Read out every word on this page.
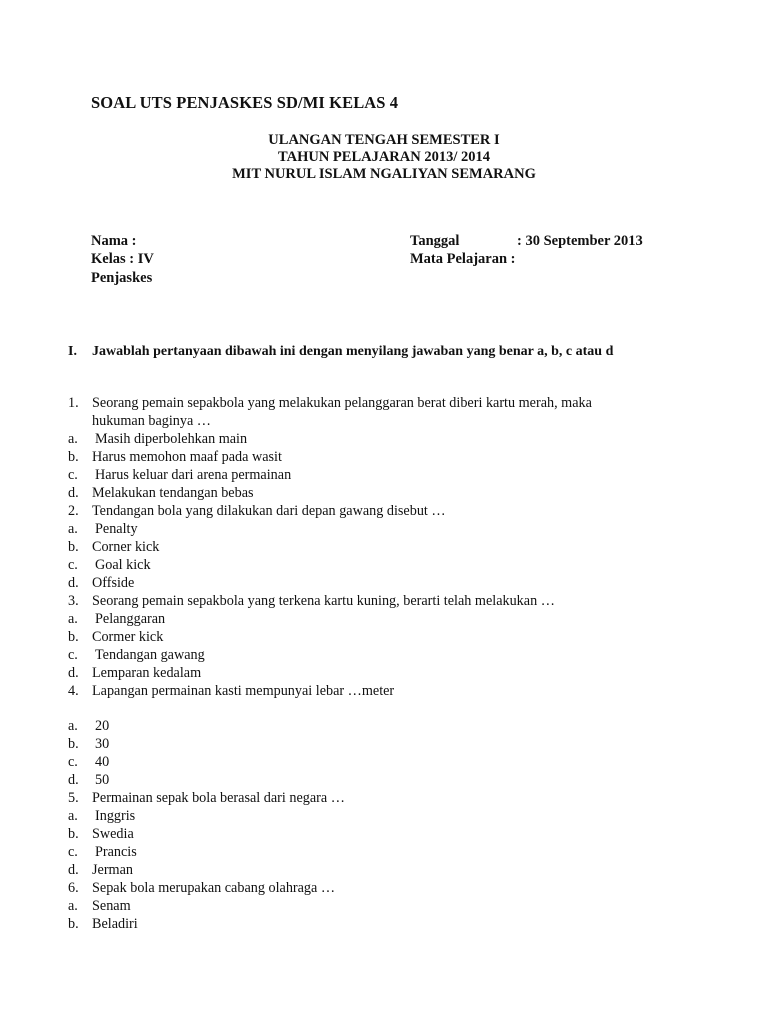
SOAL UTS PENJASKES SD/MI KELAS 4
ULANGAN TENGAH SEMESTER I
TAHUN PELAJARAN 2013/ 2014
MIT NURUL ISLAM NGALIYAN SEMARANG
Nama :
Kelas : IV
Penjaskes
Tanggal	: 30 September 2013
Mata Pelajaran :
I. Jawablah pertanyaan dibawah ini dengan menyilang jawaban yang benar a, b, c atau d
1. Seorang pemain sepakbola yang melakukan pelanggaran berat diberi kartu merah, maka
hukuman baginya …
a. Masih diperbolehkan main
b. Harus memohon maaf pada wasit
c. Harus keluar dari arena permainan
d. Melakukan tendangan bebas
2. Tendangan bola yang dilakukan dari depan gawang disebut …
a. Penalty
b. Corner kick
c. Goal kick
d. Offside
3. Seorang pemain sepakbola yang terkena kartu kuning, berarti telah melakukan …
a. Pelanggaran
b. Cormer kick
c. Tendangan gawang
d. Lemparan kedalam
4. Lapangan permainan kasti mempunyai lebar …meter
a. 20
b. 30
c. 40
d. 50
5. Permainan sepak bola berasal dari negara …
a. Inggris
b. Swedia
c. Prancis
d. Jerman
6. Sepak bola merupakan cabang olahraga …
a. Senam
b. Beladiri
